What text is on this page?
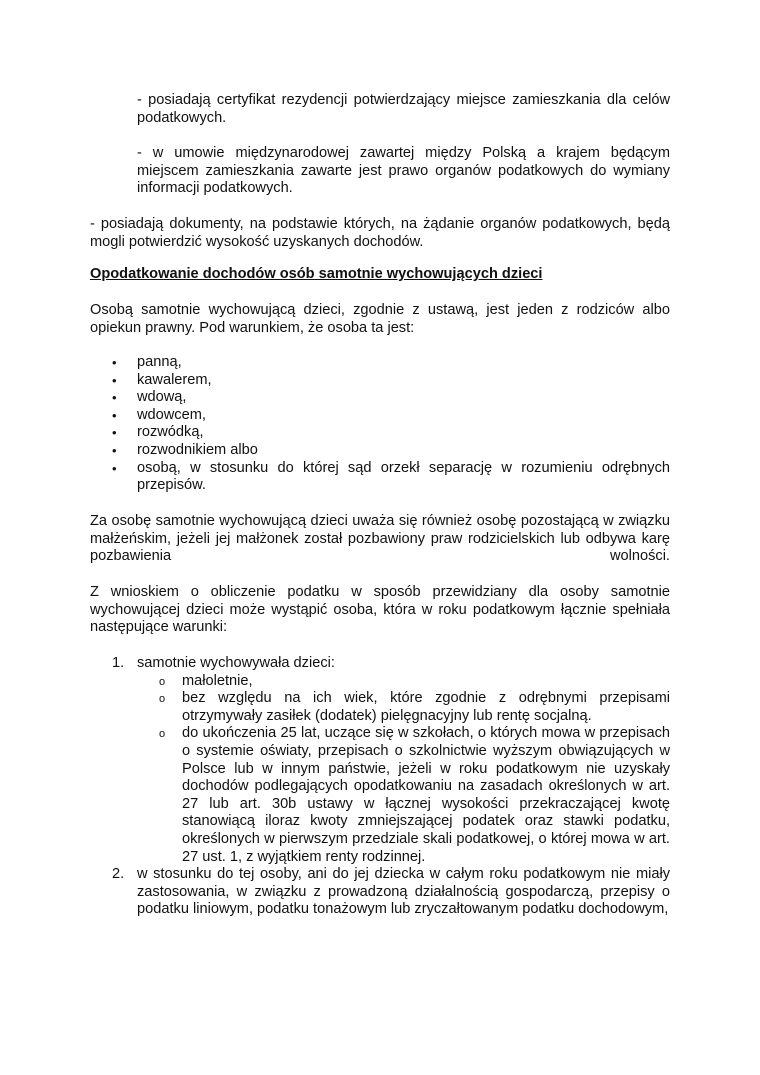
- posiadają certyfikat rezydencji potwierdzający miejsce zamieszkania dla celów podatkowych.

- w umowie międzynarodowej zawartej między Polską a krajem będącym miejscem zamieszkania zawarte jest prawo organów podatkowych do wymiany informacji podatkowych.

- posiadają dokumenty, na podstawie których, na żądanie organów podatkowych, będą mogli potwierdzić wysokość uzyskanych dochodów.

Opodatkowanie dochodów osób samotnie wychowujących dzieci

Osobą samotnie wychowującą dzieci, zgodnie z ustawą, jest jeden z rodziców albo opiekun prawny. Pod warunkiem, że osoba ta jest:

• panną,
• kawalerem,
• wdową,
• wdowcem,
• rozwódką,
• rozwodnikiem albo
• osobą, w stosunku do której sąd orzekł separację w rozumieniu odrębnych przepisów.

Za osobę samotnie wychowującą dzieci uważa się również osobę pozostającą w związku małżeńskim, jeżeli jej małżonek został pozbawiony praw rodzicielskich lub odbywa karę pozbawienia wolności.

Z wnioskiem o obliczenie podatku w sposób przewidziany dla osoby samotnie wychowującej dzieci może wystąpić osoba, która w roku podatkowym łącznie spełniała następujące warunki:

1. samotnie wychowywała dzieci:
o małoletnie,
o bez względu na ich wiek, które zgodnie z odrębnymi przepisami otrzymywały zasiłek (dodatek) pielęgnacyjny lub rentę socjalną.
o do ukończenia 25 lat, uczące się w szkołach, o których mowa w przepisach o systemie oświaty, przepisach o szkolnictwie wyższym obwiązujących w Polsce lub w innym państwie, jeżeli w roku podatkowym nie uzyskały dochodów podlegających opodatkowaniu na zasadach określonych w art. 27 lub art. 30b ustawy w łącznej wysokości przekraczającej kwotę stanowiącą iloraz kwoty zmniejszającej podatek oraz stawki podatku, określonych w pierwszym przedziale skali podatkowej, o której mowa w art. 27 ust. 1, z wyjątkiem renty rodzinnej.
2. w stosunku do tej osoby, ani do jej dziecka w całym roku podatkowym nie miały zastosowania, w związku z prowadzoną działalnością gospodarczą, przepisy o podatku liniowym, podatku tonażowym lub zryczałtowanym podatku dochodowym,
